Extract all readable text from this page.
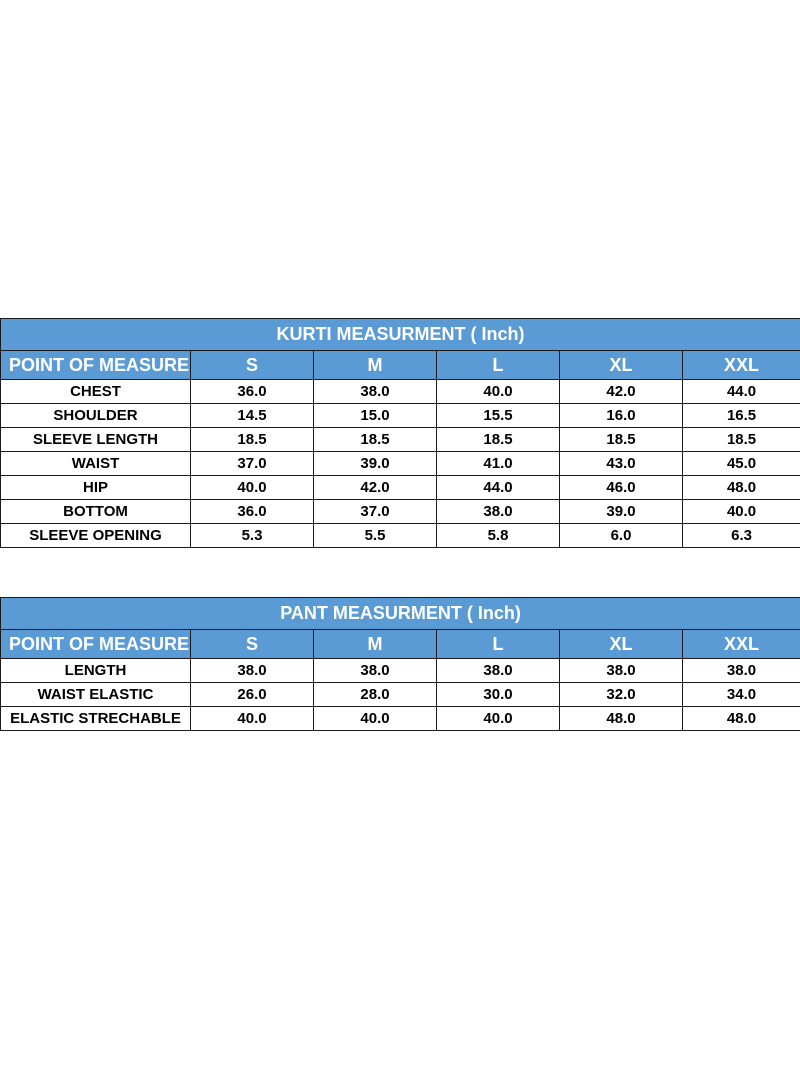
KURTI MEASURMENT ( Inch)					
POINT OF MEASURE	S	M	L	XL	XXL
CHEST	36.0	38.0	40.0	42.0	44.0
SHOULDER	14.5	15.0	15.5	16.0	16.5
SLEEVE LENGTH	18.5	18.5	18.5	18.5	18.5
WAIST	37.0	39.0	41.0	43.0	45.0
HIP	40.0	42.0	44.0	46.0	48.0
BOTTOM	36.0	37.0	38.0	39.0	40.0
SLEEVE OPENING	5.3	5.5	5.8	6.0	6.3
PANT MEASURMENT ( Inch)					
POINT OF MEASURE	S	M	L	XL	XXL
LENGTH	38.0	38.0	38.0	38.0	38.0
WAIST ELASTIC	26.0	28.0	30.0	32.0	34.0
ELASTIC STRECHABLE	40.0	40.0	40.0	48.0	48.0
